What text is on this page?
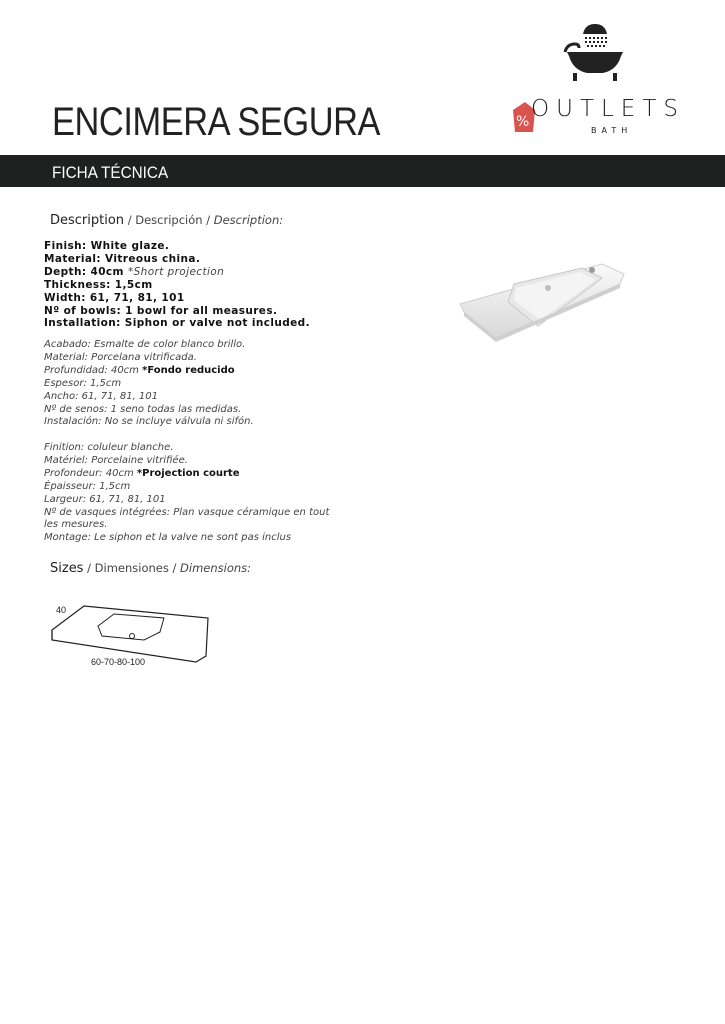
% OUTLETS
BATH
ENCIMERA SEGURA
FICHA TÉCNICA
Description / Descripción / Description:
Finish: White glaze.
Material: Vitreous china.
Depth: 40cm *Short projection
Thickness: 1,5cm
Width: 61, 71, 81, 101
Nº of bowls: 1 bowl for all measures.
Installation: Siphon or valve not included.
Acabado: Esmalte de color blanco brillo.
Material: Porcelana vitrificada.
Profundidad: 40cm *Fondo reducido
Espesor: 1,5cm
Ancho: 61, 71, 81, 101
Nº de senos: 1 seno todas las medidas.
Instalación: No se incluye válvula ni sifón.
Finition: coluleur blanche.
Matériel: Porcelaine vitrifiée.
Profondeur: 40cm *Projection courte
Épaisseur: 1,5cm
Largeur: 61, 71, 81, 101
Nº de vasques intégrées: Plan vasque céramique en tout les mesures.
Montage: Le siphon et la valve ne sont pas inclus
Sizes / Dimensiones / Dimensions:
40
60-70-80-100
